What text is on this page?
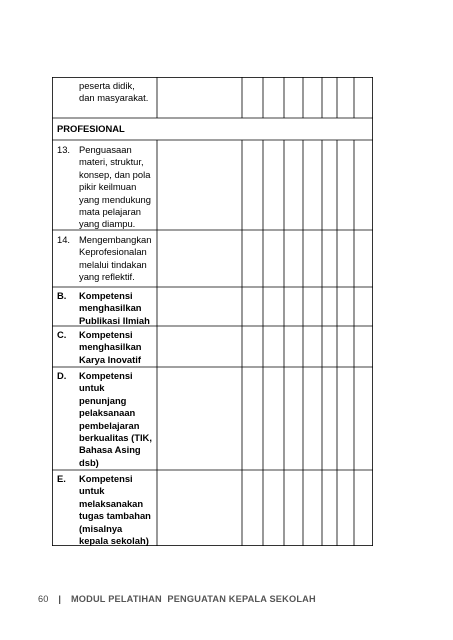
peserta didik,
dan masyarakat.
PROFESIONAL
13. Penguasaan
materi, struktur,
konsep, dan pola
pikir keilmuan
yang mendukung
mata pelajaran
yang diampu.
14. Mengembangkan
Keprofesionalan
melalui tindakan
yang reflektif.
B. Kompetensi
menghasilkan
Publikasi Ilmiah
C. Kompetensi
menghasilkan
Karya Inovatif
D. Kompetensi
untuk
penunjang
pelaksanaan
pembelajaran
berkualitas (TIK,
Bahasa Asing
dsb)
E. Kompetensi
untuk
melaksanakan
tugas tambahan
(misalnya
kepala sekolah)
60 | MODUL PELATIHAN  PENGUATAN KEPALA SEKOLAH
